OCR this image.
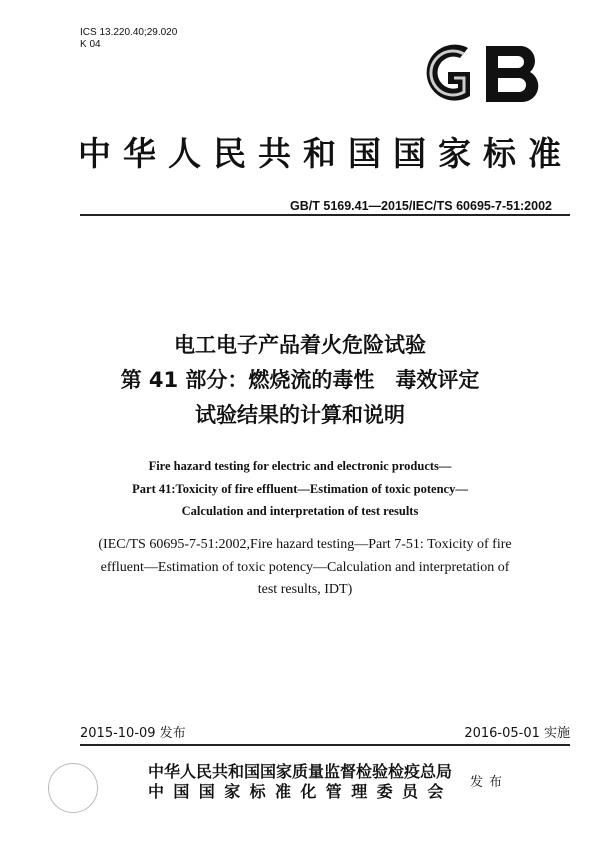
ICS 13.220.40;29.020
K 04
中华人民共和国国家标准
GB/T 5169.41—2015/IEC/TS 60695-7-51:2002
电工电子产品着火危险试验
第 41 部分：燃烧流的毒性　毒效评定
试验结果的计算和说明
Fire hazard testing for electric and electronic products—
Part 41:Toxicity of fire effluent—Estimation of toxic potency—
Calculation and interpretation of test results
(IEC/TS 60695-7-51:2002,Fire hazard testing—Part 7-51: Toxicity of fire
effluent—Estimation of toxic potency—Calculation and interpretation of
test results, IDT)
2015-10-09 发布	2016-05-01 实施
中华人民共和国国家质量监督检验检疫总局
中国国家标准化管理委员会 发布
